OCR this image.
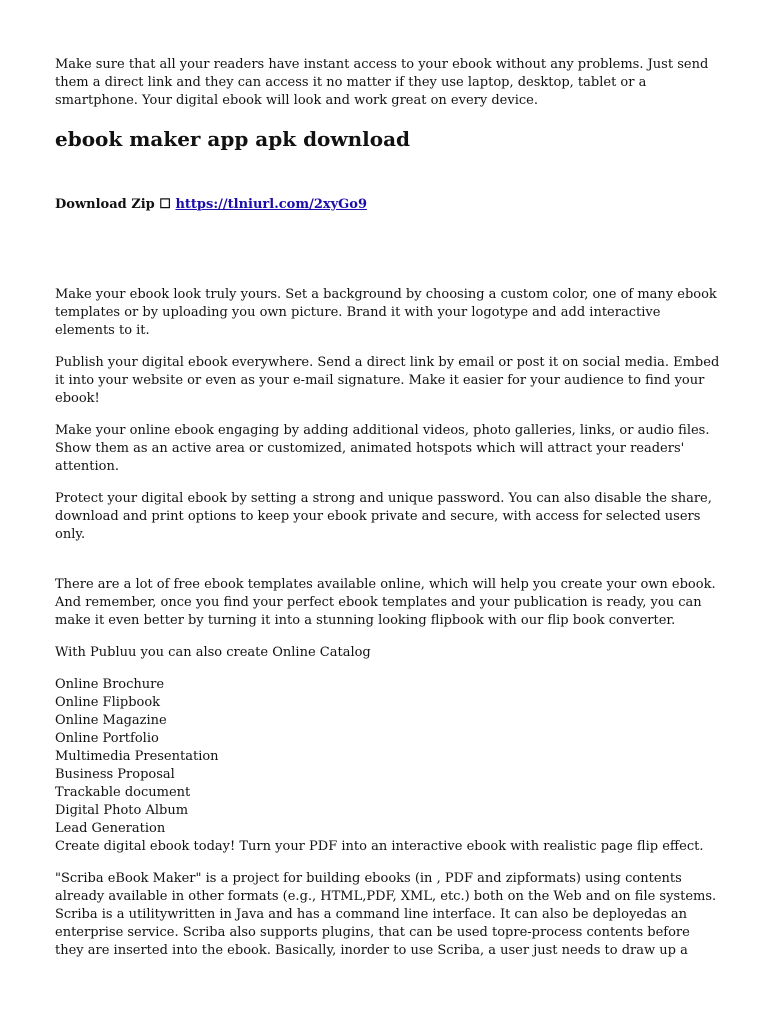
Make sure that all your readers have instant access to your ebook without any problems. Just send them a direct link and they can access it no matter if they use laptop, desktop, tablet or a smartphone. Your digital ebook will look and work great on every device.

ebook maker app apk download
Download Zip ☐ https://tlniurl.com/2xyGo9

Make your ebook look truly yours. Set a background by choosing a custom color, one of many ebook templates or by uploading you own picture. Brand it with your logotype and add interactive elements to it.

Publish your digital ebook everywhere. Send a direct link by email or post it on social media. Embed it into your website or even as your e-mail signature. Make it easier for your audience to find your ebook!

Make your online ebook engaging by adding additional videos, photo galleries, links, or audio files. Show them as an active area or customized, animated hotspots which will attract your readers' attention.

Protect your digital ebook by setting a strong and unique password. You can also disable the share, download and print options to keep your ebook private and secure, with access for selected users only.

There are a lot of free ebook templates available online, which will help you create your own ebook. And remember, once you find your perfect ebook templates and your publication is ready, you can make it even better by turning it into a stunning looking flipbook with our flip book converter.

With Publuu you can also create Online Catalog

Online Brochure
Online Flipbook
Online Magazine
Online Portfolio
Multimedia Presentation
Business Proposal
Trackable document
Digital Photo Album
Lead Generation
Create digital ebook today! Turn your PDF into an interactive ebook with realistic page flip effect.

"Scriba eBook Maker" is a project for building ebooks (in , PDF and zipformats) using contents already available in other formats (e.g., HTML,PDF, XML, etc.) both on the Web and on file systems. Scriba is a utilitywritten in Java and has a command line interface. It can also be deployedas an enterprise service. Scriba also supports plugins, that can be used topre-process contents before they are inserted into the ebook. Basically, inorder to use Scriba, a user just needs to draw up a
